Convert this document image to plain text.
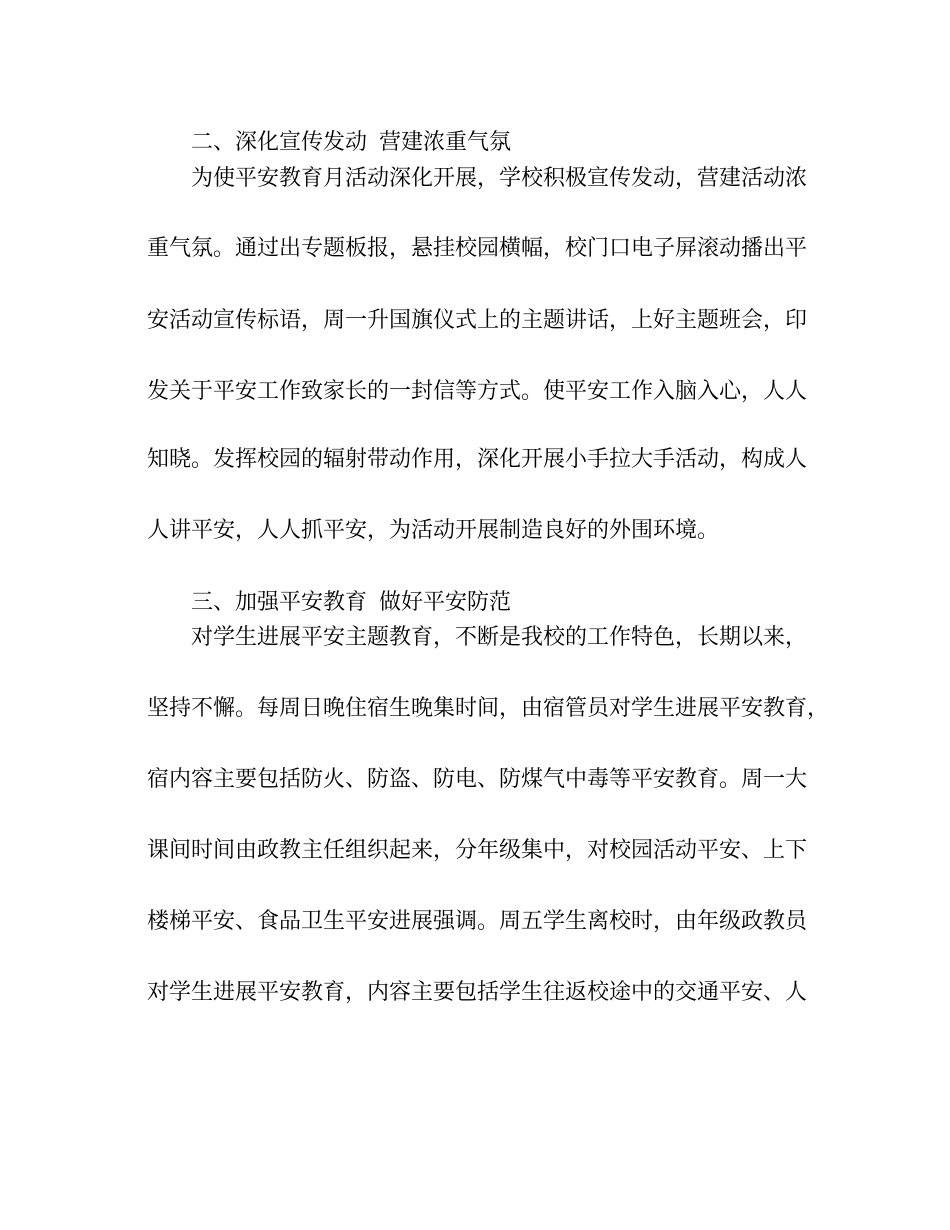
二、深化宣传发动 营建浓重气氛
为使平安教育月活动深化开展，学校积极宣传发动，营建活动浓
重气氛。通过出专题板报，悬挂校园横幅，校门口电子屏滚动播出平
安活动宣传标语，周一升国旗仪式上的主题讲话，上好主题班会，印
发关于平安工作致家长的一封信等方式。使平安工作入脑入心，人人
知晓。发挥校园的辐射带动作用，深化开展小手拉大手活动，构成人
人讲平安，人人抓平安，为活动开展制造良好的外围环境。
三、加强平安教育 做好平安防范
对学生进展平安主题教育，不断是我校的工作特色，长期以来，
坚持不懈。每周日晚住宿生晚集时间，由宿管员对学生进展平安教育，
宿内容主要包括防火、防盗、防电、防煤气中毒等平安教育。周一大
课间时间由政教主任组织起来，分年级集中，对校园活动平安、上下
楼梯平安、食品卫生平安进展强调。周五学生离校时，由年级政教员
对学生进展平安教育，内容主要包括学生往返校途中的交通平安、人
